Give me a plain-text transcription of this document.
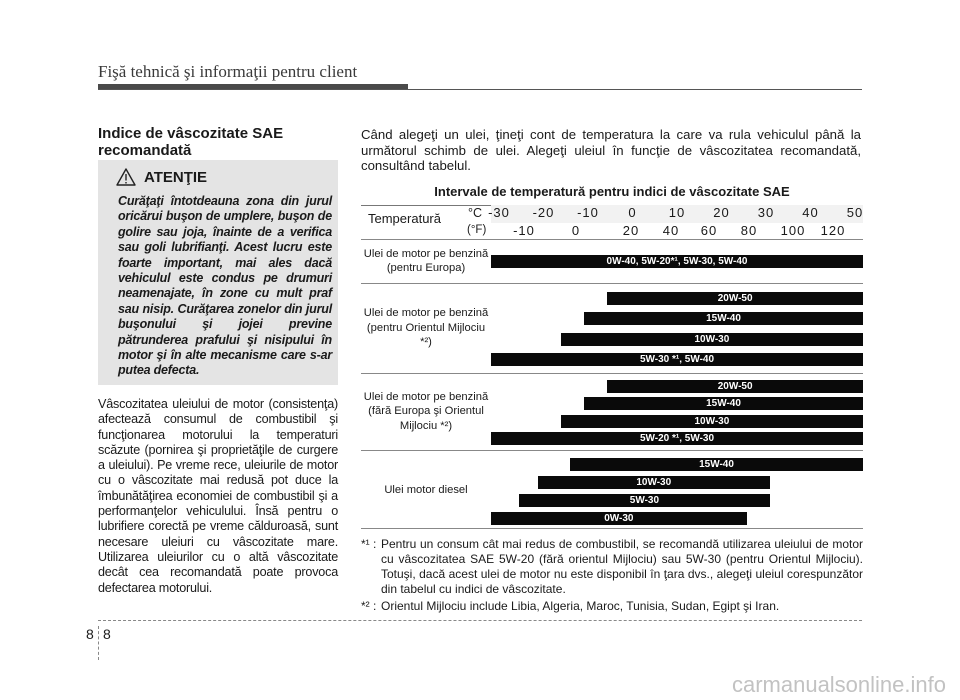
Fişă tehnică şi informaţii pentru client
Indice de vâscozitate SAE recomandată
ATENŢIE
Curăţaţi întotdeauna zona din jurul oricărui buşon de umplere, buşon de golire sau joja, înainte de a verifica sau goli lubrifianţi. Acest lucru este foarte important, mai ales dacă vehiculul este condus pe drumuri neamenajate, în zone cu mult praf sau nisip. Curăţarea zonelor din jurul buşonului şi jojei previne pătrunderea prafului şi nisipului în motor şi în alte mecanisme care s-ar putea defecta.
Vâscozitatea uleiului de motor (consistenţa) afectează consumul de combustibil şi funcţionarea motorului la temperaturi scăzute (pornirea şi proprietăţile de curgere a uleiului). Pe vreme rece, uleiurile de motor cu o vâscozitate mai redusă pot duce la îmbunătăţirea economiei de combustibil şi a performanţelor vehiculului. Însă pentru o lubrifiere corectă pe vreme călduroasă, sunt necesare uleiuri cu vâscozitate mare. Utilizarea uleiurilor cu o altă vâscozitate decât cea recomandată poate provoca defectarea motorului.
Când alegeţi un ulei, ţineţi cont de temperatura la care va rula vehiculul până la următorul schimb de ulei. Alegeţi uleiul în funcţie de vâscozitatea recomandată, consultând tabelul.
Intervale de temperatură pentru indici de vâscozitate SAE
Temperatură °C
(°F)
-30 -20 -10 0 10 20 30 40 50
-10	0	20 40 60 80 100 120
Ulei de motor pe benzină (pentru Europa)
0W-40, 5W-20*¹, 5W-30, 5W-40
Ulei de motor pe benzină (pentru Orientul Mijlociu *²)
20W-50
15W-40
10W-30
5W-30 *¹, 5W-40
Ulei de motor pe benzină (fără Europa şi Orientul Mijlociu *²)
20W-50
15W-40
10W-30
5W-20 *¹, 5W-30
Ulei motor diesel
15W-40
10W-30
5W-30
0W-30
*¹ : Pentru un consum cât mai redus de combustibil, se recomandă utilizarea uleiului de motor cu vâscozitatea SAE 5W-20 (fără orientul Mijlociu) sau 5W-30 (pentru Orientul Mijlociu). Totuşi, dacă acest ulei de motor nu este disponibil în ţara dvs., alegeţi uleiul corespunzător din tabelul cu indici de vâscozitate.
*² : Orientul Mijlociu include Libia, Algeria, Maroc, Tunisia, Sudan, Egipt şi Iran.
8 8
carmanualsonline.info
